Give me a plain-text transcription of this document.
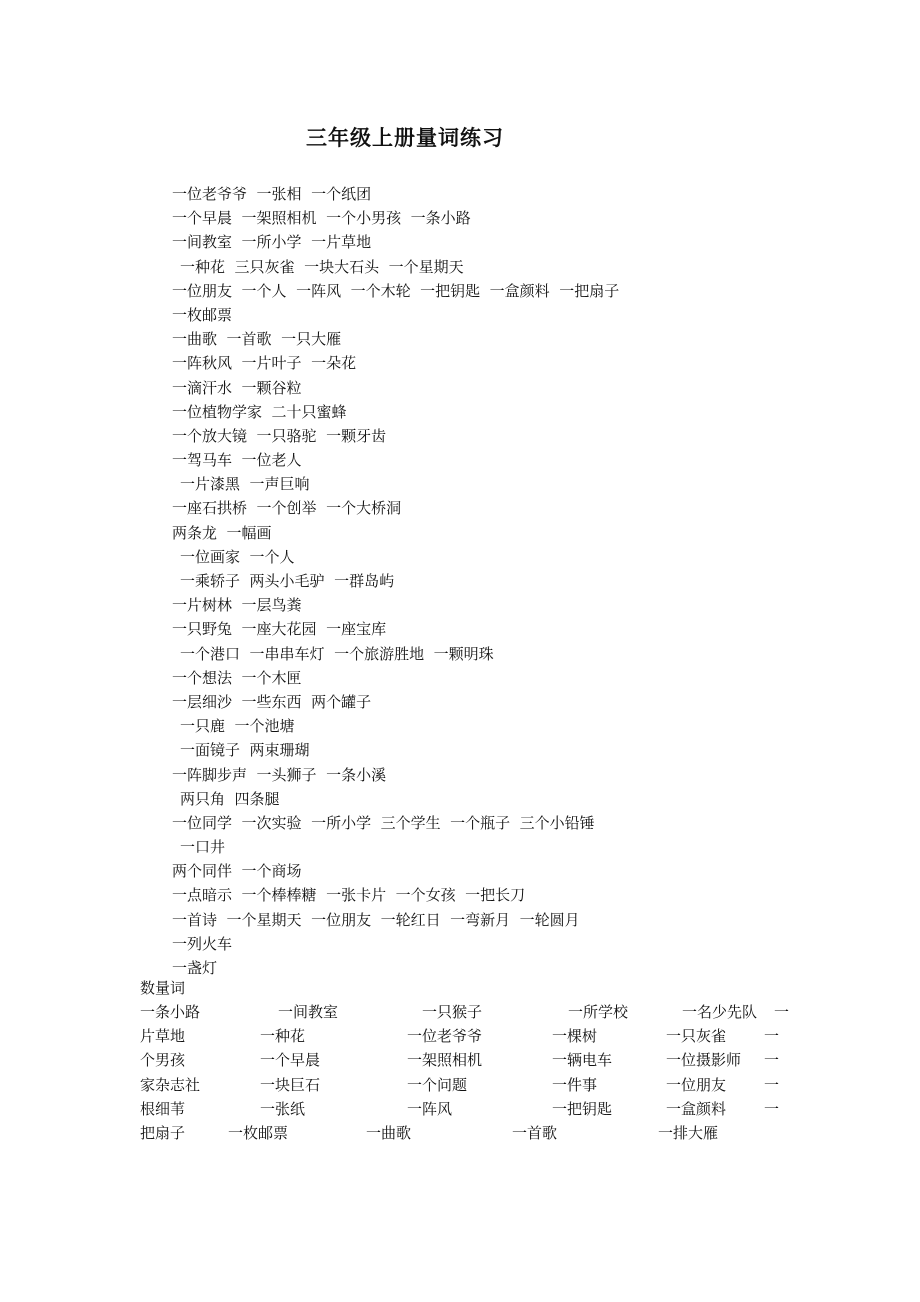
三年级上册量词练习
一位老爷爷  一张相  一个纸团
一个早晨  一架照相机  一个小男孩  一条小路
一间教室  一所小学  一片草地
一种花  三只灰雀  一块大石头  一个星期天
一位朋友  一个人  一阵风  一个木轮  一把钥匙  一盒颜料  一把扇子
一枚邮票
一曲歌  一首歌  一只大雁
一阵秋风  一片叶子  一朵花
一滴汗水  一颗谷粒
一位植物学家  二十只蜜蜂
一个放大镜  一只骆驼  一颗牙齿
一驾马车  一位老人
一片漆黑  一声巨响
一座石拱桥  一个创举  一个大桥洞
两条龙  一幅画
一位画家  一个人
一乘轿子  两头小毛驴  一群岛屿
一片树林  一层鸟粪
一只野兔  一座大花园  一座宝库
一个港口  一串串车灯  一个旅游胜地  一颗明珠
一个想法  一个木匣
一层细沙  一些东西  两个罐子
一只鹿  一个池塘
一面镜子  两束珊瑚
一阵脚步声  一头狮子  一条小溪
两只角  四条腿
一位同学  一次实验  一所小学  三个学生  一个瓶子  三个小铅锤
一口井
两个同伴  一个商场
一点暗示  一个棒棒糖  一张卡片  一个女孩  一把长刀
一首诗  一个星期天  一位朋友  一轮红日  一弯新月  一轮圆月
一列火车
一盏灯
数量词
一条小路	一间教室	一只猴子	一所学校	一名少先队 一
片草地	一种花	一位老爷爷	一棵树	一只灰雀	一
个男孩	一个早晨	一架照相机	一辆电车	一位摄影师 一
家杂志社	一块巨石	一个问题	一件事	一位朋友	一
根细苇	一张纸	一阵风	一把钥匙	一盒颜料	一
把扇子	一枚邮票	一曲歌	一首歌	一排大雁
